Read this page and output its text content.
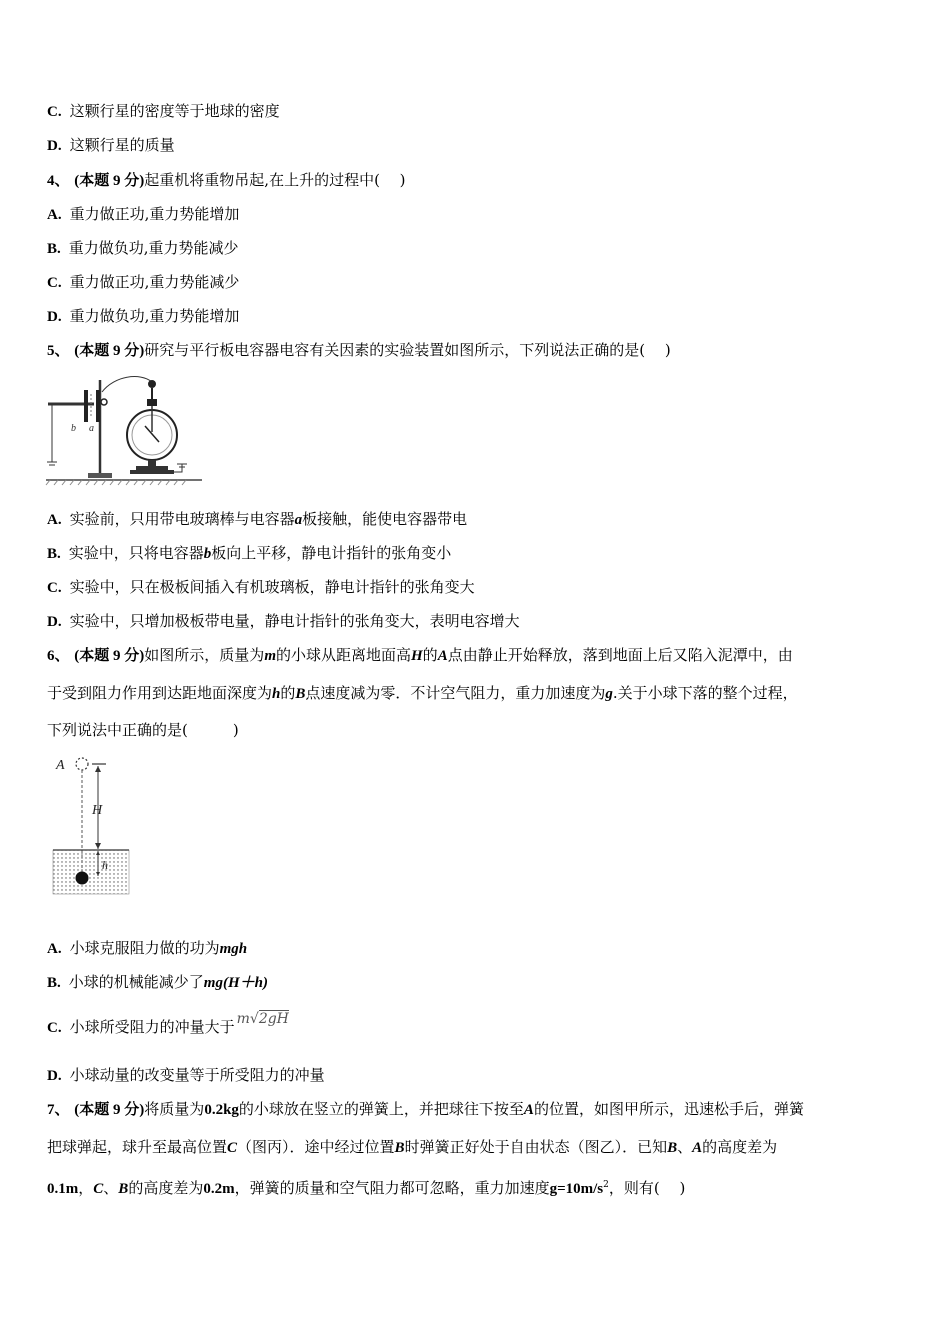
C. 这颗行星的密度等于地球的密度
D. 这颗行星的质量
4、 (本题 9 分)起重机将重物吊起,在上升的过程中(　 )
A. 重力做正功,重力势能增加
B. 重力做负功,重力势能减少
C. 重力做正功,重力势能减少
D. 重力做负功,重力势能增加
5、 (本题 9 分)研究与平行板电容器电容有关因素的实验装置如图所示，下列说法正确的是(　 )
b a
A. 实验前，只用带电玻璃棒与电容器a板接触，能使电容器带电
B. 实验中，只将电容器b板向上平移，静电计指针的张角变小
C. 实验中，只在极板间插入有机玻璃板，静电计指针的张角变大
D. 实验中，只增加极板带电量，静电计指针的张角变大，表明电容增大
6、 (本题 9 分)如图所示，质量为m的小球从距离地面高H的A点由静止开始释放，落到地面上后又陷入泥潭中，由
于受到阻力作用到达距地面深度为h的B点速度减为零．不计空气阻力，重力加速度为g.关于小球下落的整个过程，
下列说法中正确的是(　　　)
A
H
h
A. 小球克服阻力做的功为mgh
B. 小球的机械能减少了mg(H＋h)
C. 小球所受阻力的冲量大于 m√2gH
D. 小球动量的改变量等于所受阻力的冲量
7、 (本题 9 分)将质量为0.2kg的小球放在竖立的弹簧上，并把球往下按至A的位置，如图甲所示，迅速松手后，弹簧
把球弹起，球升至最高位置C（图丙）．途中经过位置B时弹簧正好处于自由状态（图乙）．已知B、A的高度差为
0.1m，C、B的高度差为0.2m，弹簧的质量和空气阻力都可忽略，重力加速度$g=10m/s^2$，则有(　 )
